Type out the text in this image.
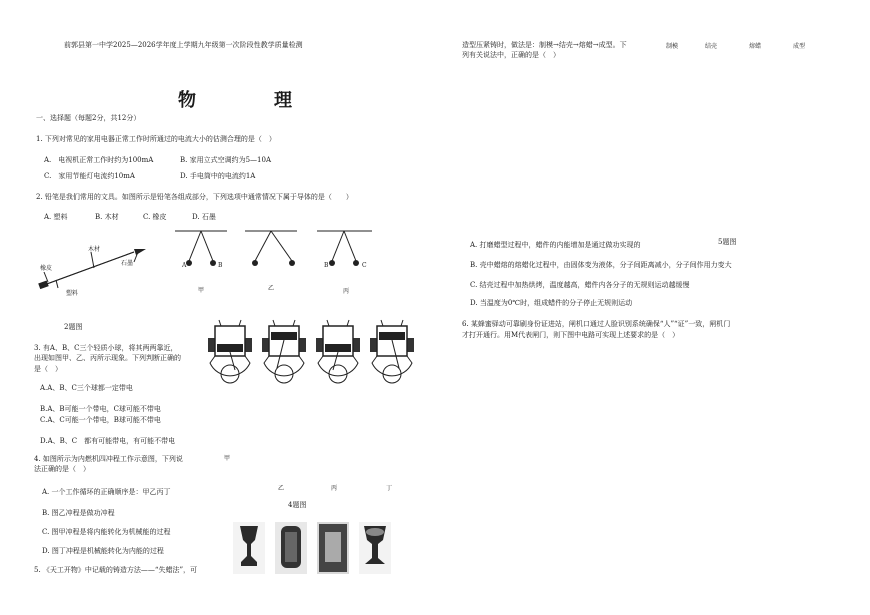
前郭县第一中学2025—2026学年度上学期九年级第一次阶段性教学质量检测
物　理
一、选择题（每题2分，共12分）
1. 下列对常见的家用电器正常工作时所通过的电流大小的估测合理的是（　）
A.　电视机正常工作时约为100mA	B. 家用立式空调约为5—10A
C.　家用节能灯电流约10mA	D. 手电筒中的电流约1A
2. 铅笔是我们常用的文具。如图所示是铅笔各组成部分，下列选项中通常情况下属于导体的是（　　）
A. 塑料	B. 木材	C. 橡皮	D. 石墨
木材
橡皮
石墨
塑料
A	B	B	C
甲	乙	丙
2题图
3. 有A、B、C三个轻质小球，将其两两靠近，
出现如图甲、乙、丙所示现象。下列判断正确的
是（　）
A.A、B、C三个球都一定带电
B.A、B可能一个带电，C球可能不带电
C.A、C可能一个带电，B球可能不带电
D.A、B、C　都有可能带电，有可能不带电
甲
乙	丙	丁
4题图
4. 如图所示为内燃机四冲程工作示意图，下列说
法正确的是（　）
A. 一个工作循环的正确顺序是：甲乙丙丁
B. 图乙冲程是做功冲程
C. 图甲冲程是将内能转化为机械能的过程
D. 图丁冲程是机械能转化为内能的过程
5. 《天工开物》中记载的铸造方法——“失蜡法”，可
造型压紧铸时，做法是：制模→结壳→熔蜡→成型。下
列有关说法中，正确的是（　）
制模	结壳	熔蜡	成型
A. 打磨蜡型过程中，蜡件的内能增加是通过做功实现的	5题图
B. 壳中蜡熔的熔蜡化过程中，由固体变为液体，分子间距离减小，分子间作用力变大
C. 结壳过程中加热烘烤，温度越高，蜡件内各分子的无规则运动越缓慢
D. 当温度为0℃时，组成蜡件的分子停止无规则运动
6. 某蜂蜜驿动可靠刷身份证进站，闸机口通过人脸识别系统确保“人”“证”一致，闸机门
才打开通行。用M代表闸门，则下图中电路可实现上述要求的是（　）
